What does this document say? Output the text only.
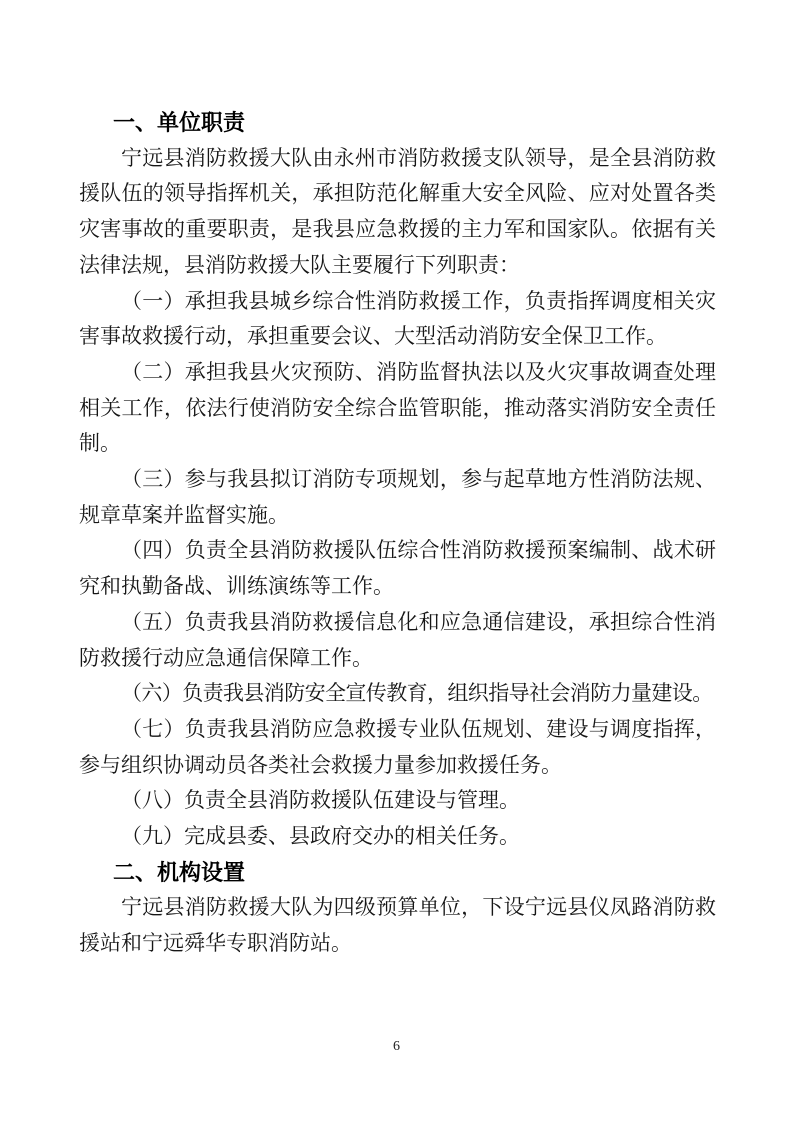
一、单位职责

宁远县消防救援大队由永州市消防救援支队领导，是全县消防救援队伍的领导指挥机关，承担防范化解重大安全风险、应对处置各类灾害事故的重要职责，是我县应急救援的主力军和国家队。依据有关法律法规，县消防救援大队主要履行下列职责：

（一）承担我县城乡综合性消防救援工作，负责指挥调度相关灾害事故救援行动，承担重要会议、大型活动消防安全保卫工作。

（二）承担我县火灾预防、消防监督执法以及火灾事故调查处理相关工作，依法行使消防安全综合监管职能，推动落实消防安全责任制。

（三）参与我县拟订消防专项规划，参与起草地方性消防法规、规章草案并监督实施。

（四）负责全县消防救援队伍综合性消防救援预案编制、战术研究和执勤备战、训练演练等工作。

（五）负责我县消防救援信息化和应急通信建设，承担综合性消防救援行动应急通信保障工作。

（六）负责我县消防安全宣传教育，组织指导社会消防力量建设。

（七）负责我县消防应急救援专业队伍规划、建设与调度指挥，参与组织协调动员各类社会救援力量参加救援任务。

（八）负责全县消防救援队伍建设与管理。

（九）完成县委、县政府交办的相关任务。

二、机构设置

宁远县消防救援大队为四级预算单位，下设宁远县仪凤路消防救援站和宁远舜华专职消防站。

6
